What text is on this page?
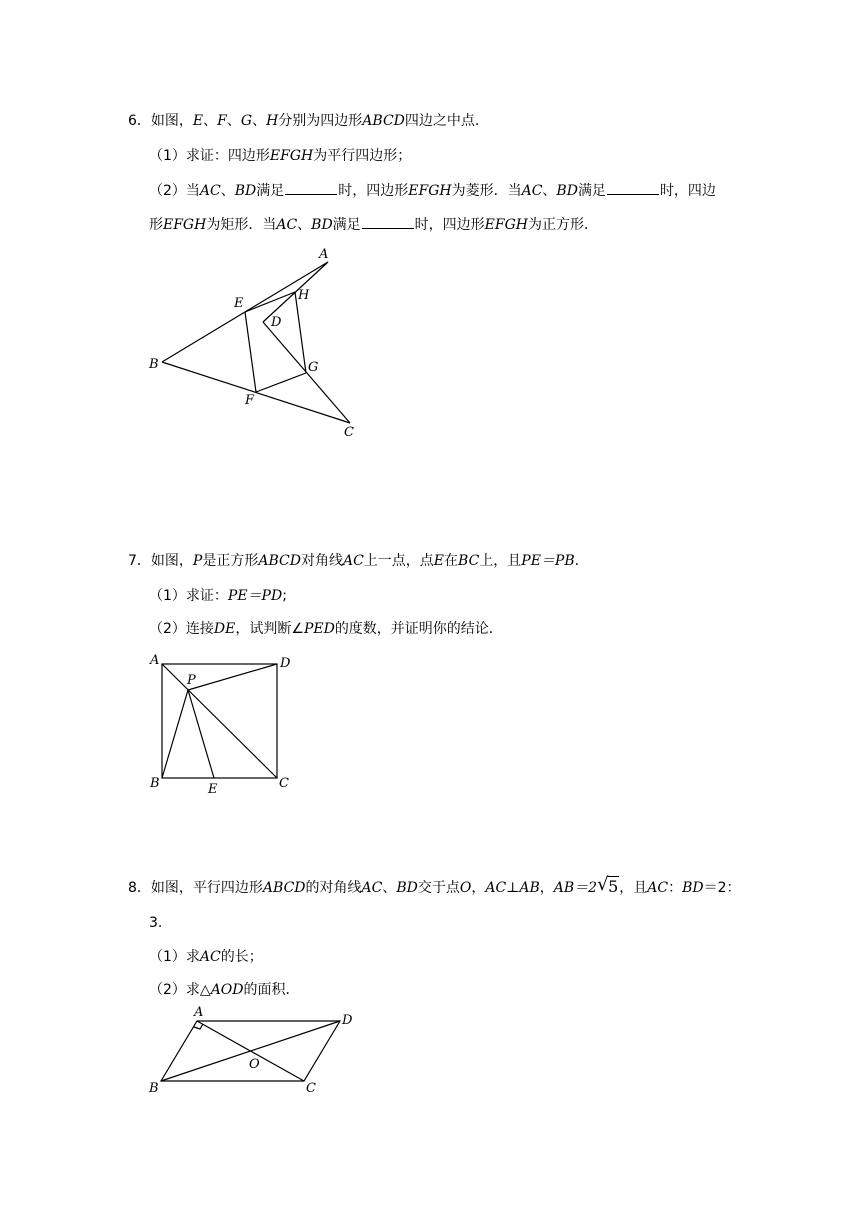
6．如图，E、F、G、H分别为四边形ABCD四边之中点.
（1）求证：四边形EFGH为平行四边形；
（2）当AC、BD满足	时，四边形EFGH为菱形．当AC、BD满足	时，四边
形EFGH为矩形．当AC、BD满足	时，四边形EFGH为正方形．
A
E
H
D
B	G
F
C
7．如图，P是正方形ABCD对角线AC上一点，点E在BC上，且PE＝PB.
（1）求证：PE＝PD;
（2）连接DE，试判断∠PED的度数，并证明你的结论．
A	D
P
B	E	C
8．如图，平行四边形ABCD的对角线AC、BD交于点O，AC⊥AB，AB＝2 √ 5，且AC：BD＝2：
3.
（1）求AC的长；
（2）求△AOD的面积．
A
D
O
B	C
